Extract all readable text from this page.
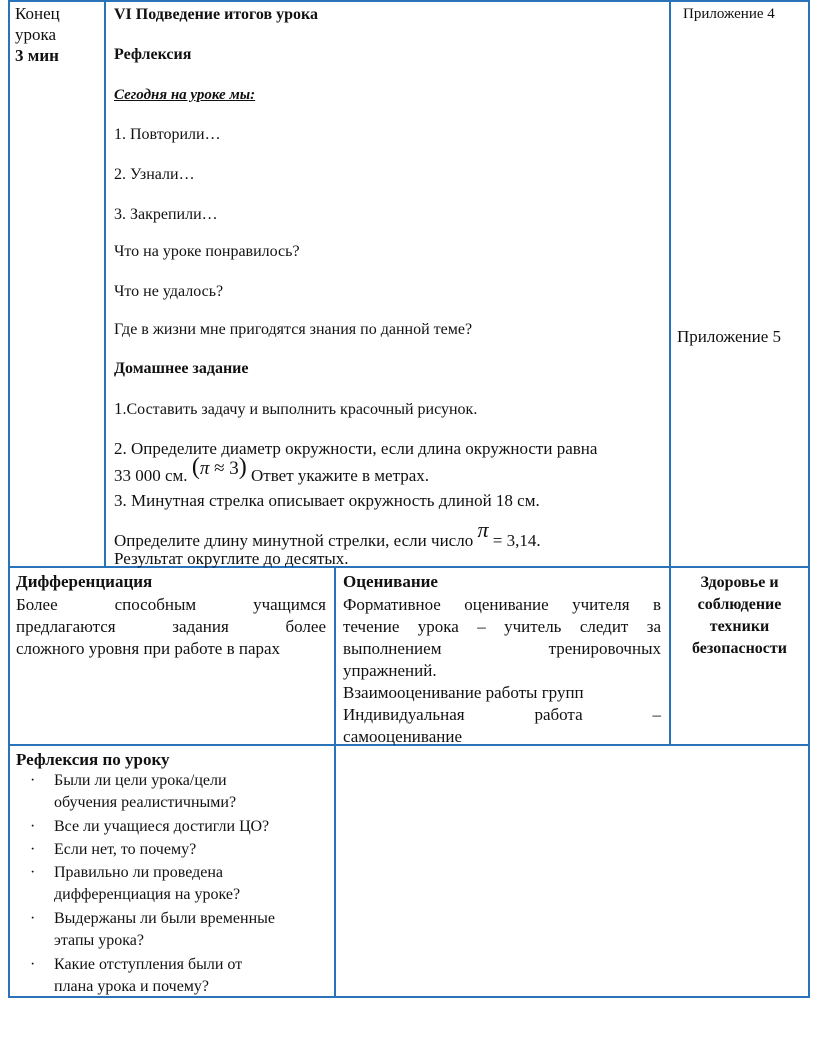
Конец
урока
3 мин
VI Подведение итогов урока
Рефлексия
Сегодня на уроке мы:
1. Повторили…
2. Узнали…
3. Закрепили…
Что на уроке понравилось?
Что не удалось?
Где в жизни мне пригодятся знания по данной теме?
Домашнее задание
1.Составить задачу и выполнить красочный рисунок.
2. Определите диаметр окружности, если длина окружности равна
33 000 см. (π ≈ 3) Ответ укажите в метрах.
3. Минутная стрелка описывает окружность длиной 18 см.
Определите длину минутной стрелки, если число π = 3,14.
Результат округлите до десятых.
Приложение 4
Приложение 5
Дифференциация
Более способным учащимся
предлагаются задания более
сложного уровня при работе в парах
Оценивание
Формативное оценивание учителя в
течение урока – учитель следит за
выполнением тренировочных
упражнений.
Взаимооценивание работы групп
Индивидуальная работа –
самооценивание
Здоровье и
соблюдение
техники
безопасности
Рефлексия по уроку
· Были ли цели урока/цели
обучения реалистичными?
· Все ли учащиеся достигли ЦО?
· Если нет, то почему?
· Правильно ли проведена
дифференциация на уроке?
· Выдержаны ли были временные
этапы урока?
· Какие отступления были от
плана урока и почему?
